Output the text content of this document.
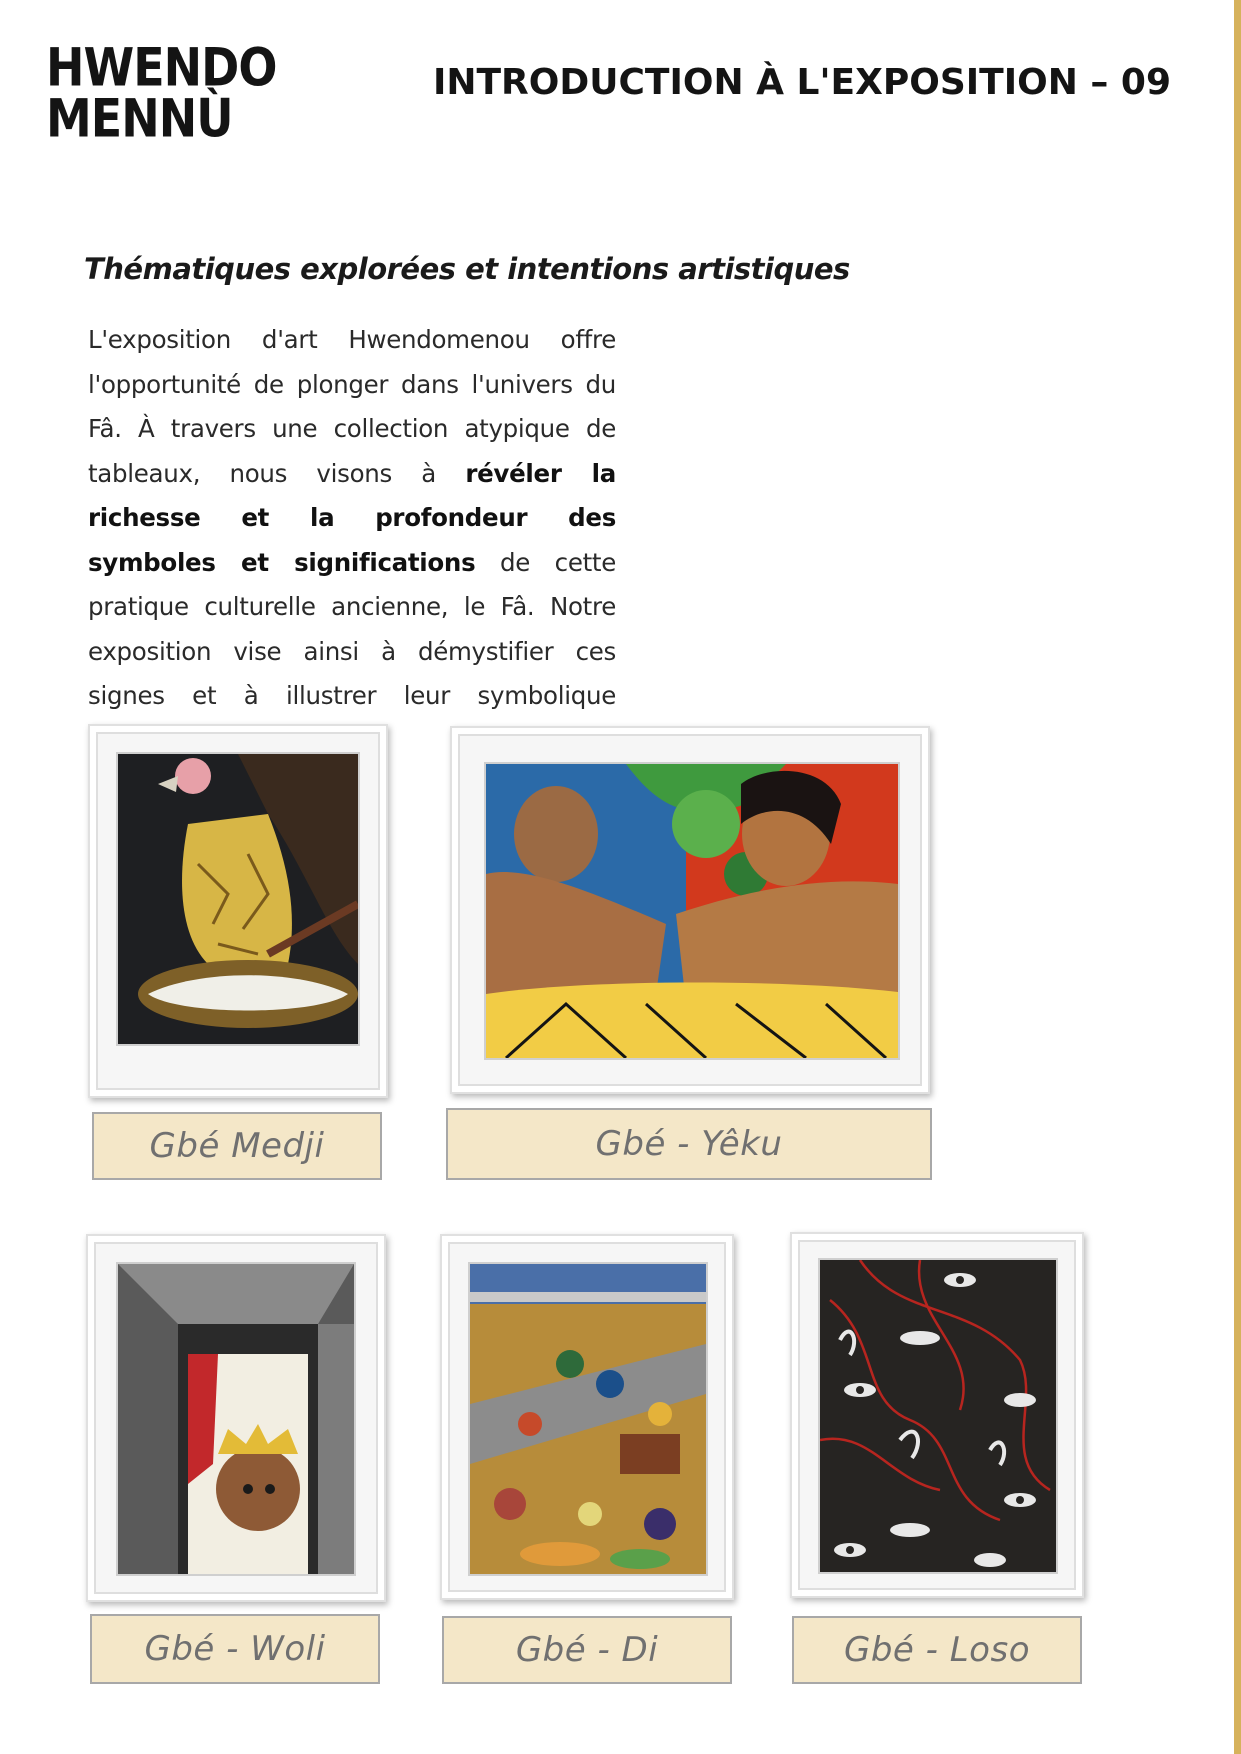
HWENDO
MENNÙ
INTRODUCTION À L'EXPOSITION – 09
Thématiques explorées et intentions artistiques

L'exposition d'art Hwendomenou offre l'opportunité de plonger dans l'univers du Fâ. À travers une collection atypique de tableaux, nous visons à révéler la richesse et la profondeur des symboles et significations de cette pratique culturelle ancienne, le Fâ. Notre exposition vise ainsi à démystifier ces signes et à illustrer leur symbolique

Gbé Medji	Gbé - Yêku
Gbé - Woli	Gbé - Di	Gbé - Loso
